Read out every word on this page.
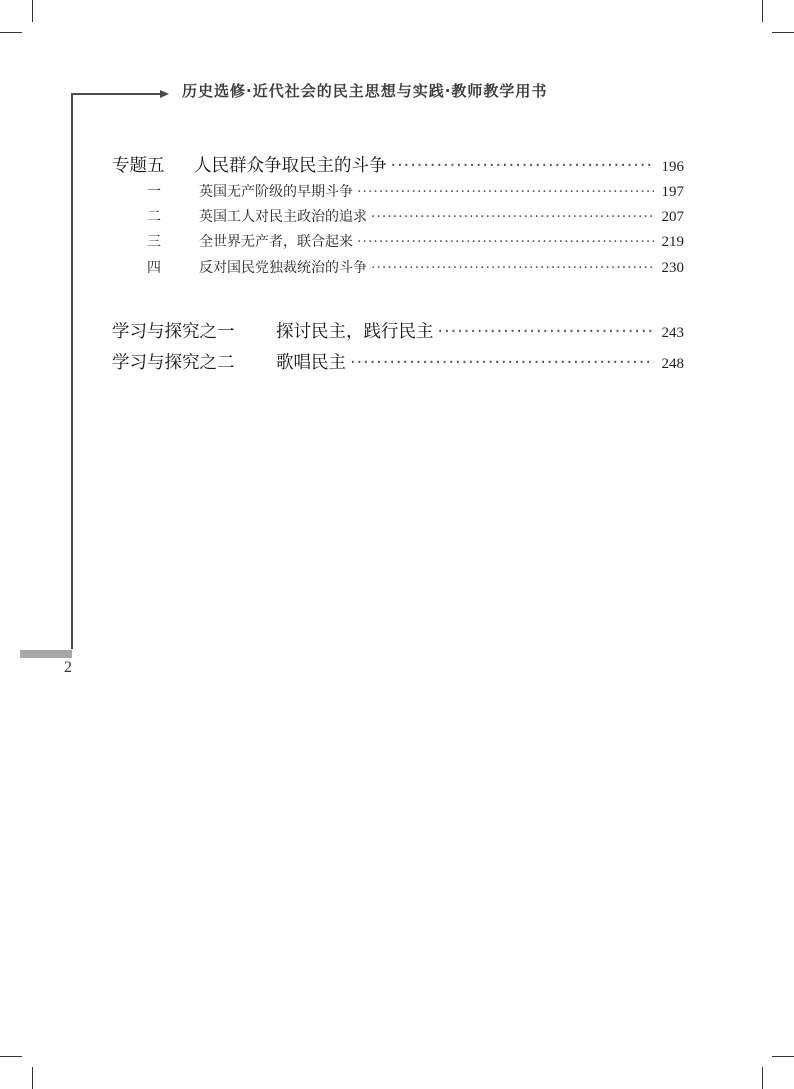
历史选修·近代社会的民主思想与实践·教师教学用书
专题五	人民群众争取民主的斗争 ·····	196
一	英国无产阶级的早期斗争 ·····	197
二	英国工人对民主政治的追求 ·····	207
三	全世界无产者，联合起来 ·····	219
四	反对国民党独裁统治的斗争 ·····	230
学习与探究之一	探讨民主，践行民主 ·····	243
学习与探究之二	歌唱民主 ·····	248
2
